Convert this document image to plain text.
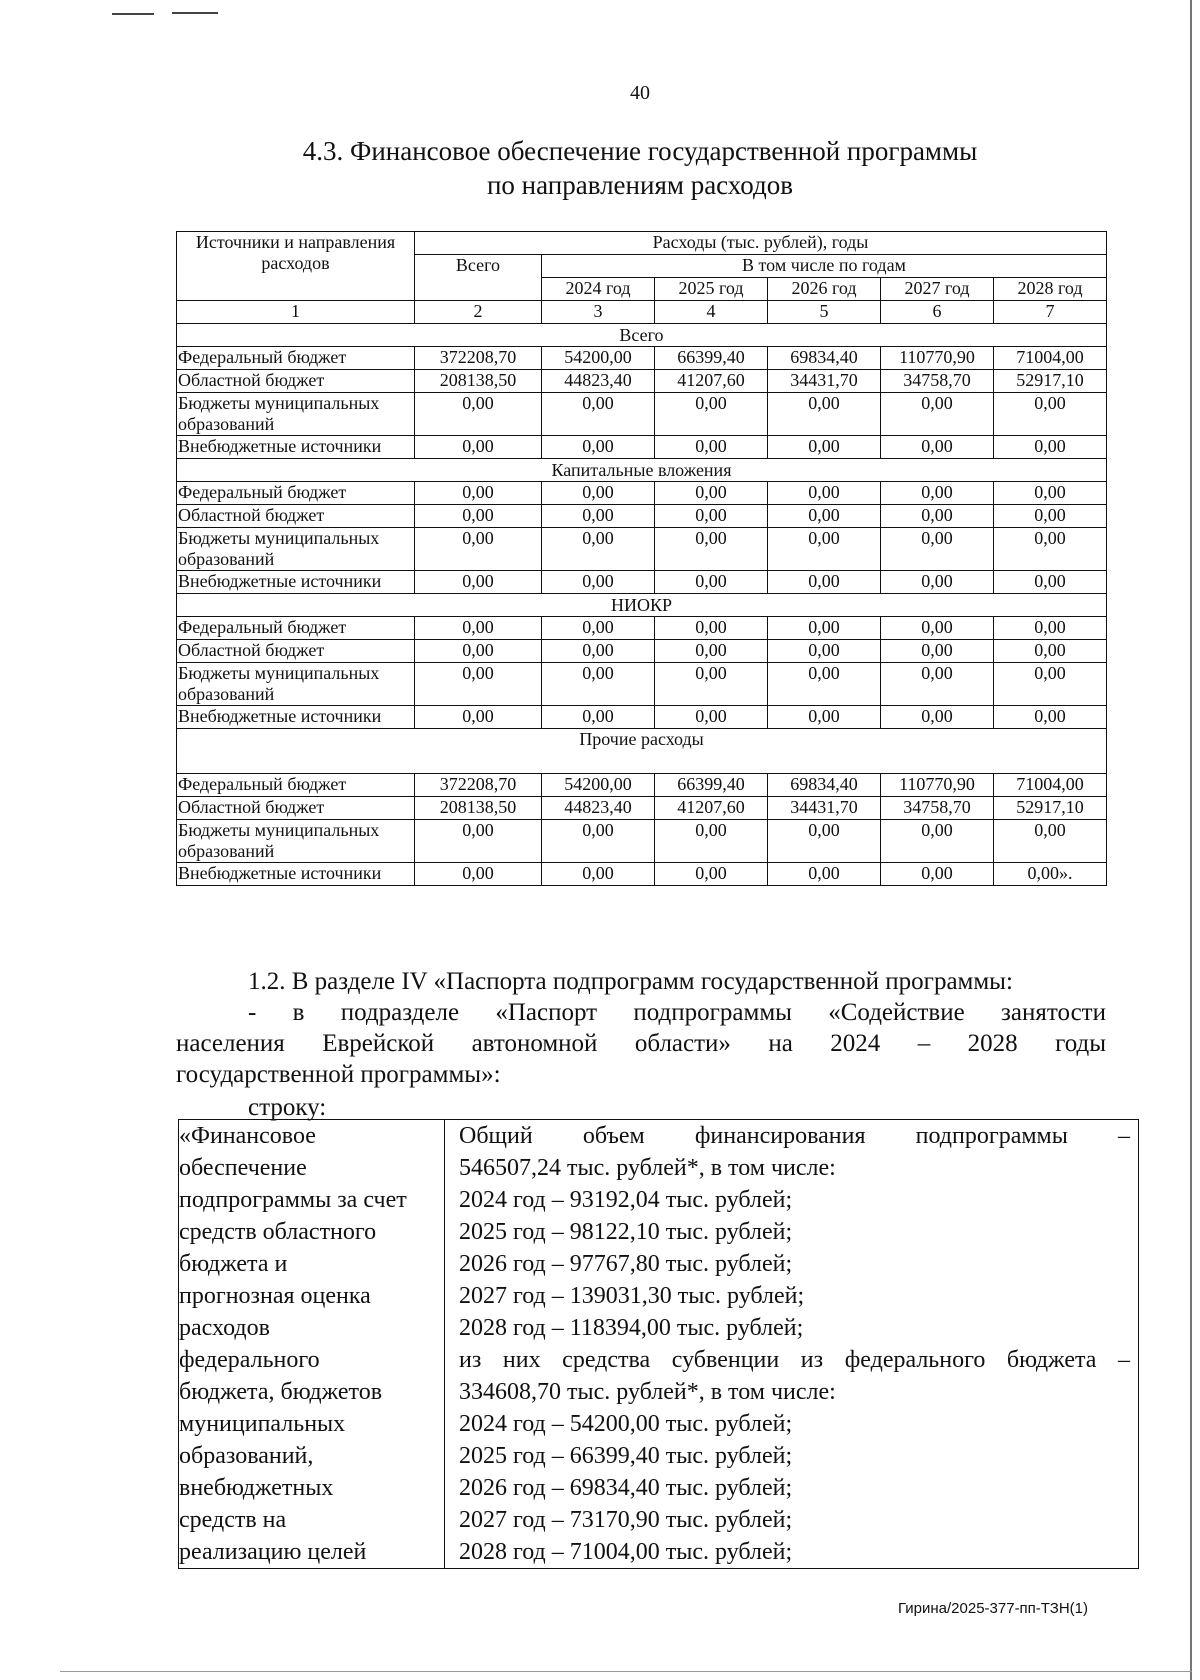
40
4.3. Финансовое обеспечение государственной программы
по направлениям расходов
Источники и направления расходов	Расходы (тыс. рублей), годы					
	Всего	В том числе по годам				
		2024 год	2025 год	2026 год	2027 год	2028 год
1	2	3	4	5	6	7
Всего						
Федеральный бюджет	372208,70	54200,00	66399,40	69834,40	110770,90	71004,00
Областной бюджет	208138,50	44823,40	41207,60	34431,70	34758,70	52917,10
Бюджеты муниципальных образований	0,00	0,00	0,00	0,00	0,00	0,00
Внебюджетные источники	0,00	0,00	0,00	0,00	0,00	0,00
Капитальные вложения						
Федеральный бюджет	0,00	0,00	0,00	0,00	0,00	0,00
Областной бюджет	0,00	0,00	0,00	0,00	0,00	0,00
Бюджеты муниципальных образований	0,00	0,00	0,00	0,00	0,00	0,00
Внебюджетные источники	0,00	0,00	0,00	0,00	0,00	0,00
НИОКР						
Федеральный бюджет	0,00	0,00	0,00	0,00	0,00	0,00
Областной бюджет	0,00	0,00	0,00	0,00	0,00	0,00
Бюджеты муниципальных образований	0,00	0,00	0,00	0,00	0,00	0,00
Внебюджетные источники	0,00	0,00	0,00	0,00	0,00	0,00
Прочие расходы						
Федеральный бюджет	372208,70	54200,00	66399,40	69834,40	110770,90	71004,00
Областной бюджет	208138,50	44823,40	41207,60	34431,70	34758,70	52917,10
Бюджеты муниципальных образований	0,00	0,00	0,00	0,00	0,00	0,00
Внебюджетные источники	0,00	0,00	0,00	0,00	0,00	0,00».
1.2. В разделе IV «Паспорта подпрограмм государственной программы:
- в подразделе «Паспорт подпрограммы «Содействие занятости
населения Еврейской автономной области» на 2024 – 2028 годы
государственной программы»:
строку:
«Финансовое
обеспечение
подпрограммы за счет
средств областного
бюджета и
прогнозная оценка
расходов
федерального
бюджета, бюджетов
муниципальных
образований,
внебюджетных
средств на
реализацию целей

Общий объем финансирования подпрограммы –
546507,24 тыс. рублей*, в том числе:
2024 год – 93192,04 тыс. рублей;
2025 год – 98122,10 тыс. рублей;
2026 год – 97767,80 тыс. рублей;
2027 год – 139031,30 тыс. рублей;
2028 год – 118394,00 тыс. рублей;
из них средства субвенции из федерального бюджета –
334608,70 тыс. рублей*, в том числе:
2024 год – 54200,00 тыс. рублей;
2025 год – 66399,40 тыс. рублей;
2026 год – 69834,40 тыс. рублей;
2027 год – 73170,90 тыс. рублей;
2028 год – 71004,00 тыс. рублей;
Гирина/2025-377-пп-ТЗН(1)
